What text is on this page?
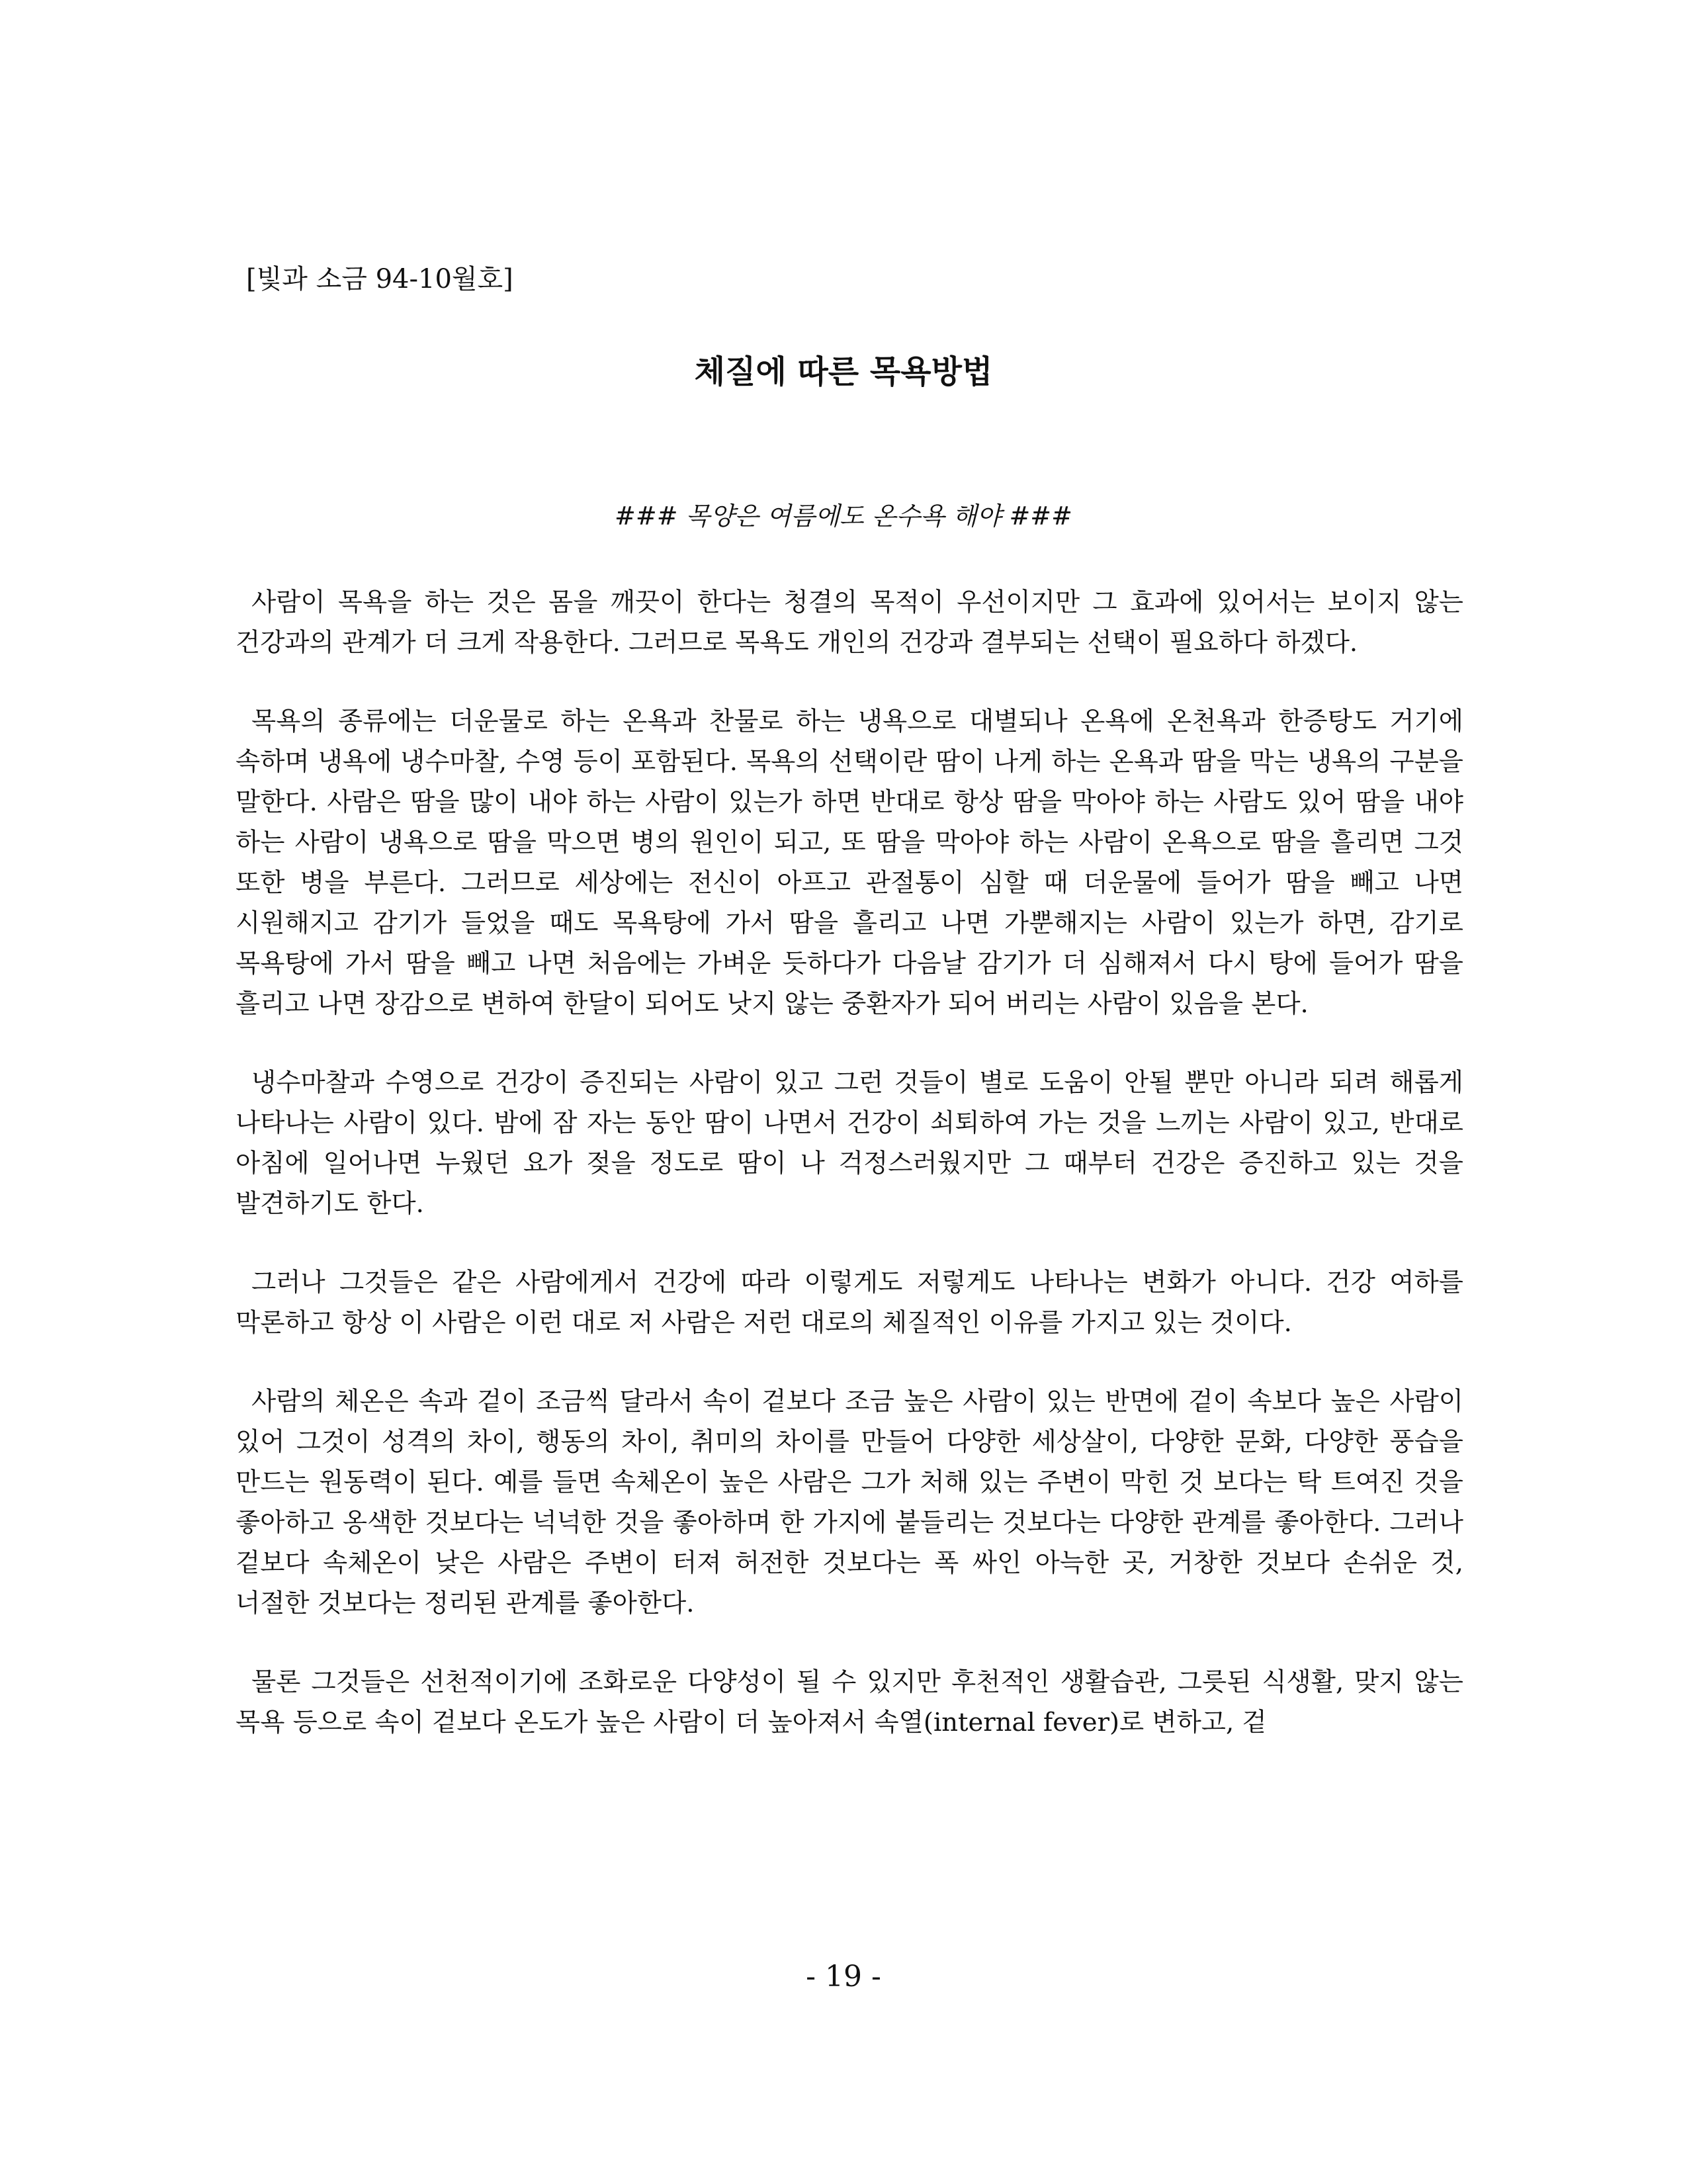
[빛과 소금 94-10월호]
체질에 따른 목욕방법
### 목양은 여름에도 온수욕 해야 ###

사람이 목욕을 하는 것은 몸을 깨끗이 한다는 청결의 목적이 우선이지만 그 효과에 있어서는 보이지 않는 건강과의 관계가 더 크게 작용한다. 그러므로 목욕도 개인의 건강과 결부되는 선택이 필요하다 하겠다.

목욕의 종류에는 더운물로 하는 온욕과 찬물로 하는 냉욕으로 대별되나 온욕에 온천욕과 한증탕도 거기에 속하며 냉욕에 냉수마찰, 수영 등이 포함된다. 목욕의 선택이란 땀이 나게 하는 온욕과 땀을 막는 냉욕의 구분을 말한다. 사람은 땀을 많이 내야 하는 사람이 있는가 하면 반대로 항상 땀을 막아야 하는 사람도 있어 땀을 내야 하는 사람이 냉욕으로 땀을 막으면 병의 원인이 되고, 또 땀을 막아야 하는 사람이 온욕으로 땀을 흘리면 그것 또한 병을 부른다. 그러므로 세상에는 전신이 아프고 관절통이 심할 때 더운물에 들어가 땀을 빼고 나면 시원해지고 감기가 들었을 때도 목욕탕에 가서 땀을 흘리고 나면 가뿐해지는 사람이 있는가 하면, 감기로 목욕탕에 가서 땀을 빼고 나면 처음에는 가벼운 듯하다가 다음날 감기가 더 심해져서 다시 탕에 들어가 땀을 흘리고 나면 장감으로 변하여 한달이 되어도 낫지 않는 중환자가 되어 버리는 사람이 있음을 본다.

냉수마찰과 수영으로 건강이 증진되는 사람이 있고 그런 것들이 별로 도움이 안될 뿐만 아니라 되려 해롭게 나타나는 사람이 있다. 밤에 잠 자는 동안 땀이 나면서 건강이 쇠퇴하여 가는 것을 느끼는 사람이 있고, 반대로 아침에 일어나면 누웠던 요가 젖을 정도로 땀이 나 걱정스러웠지만 그 때부터 건강은 증진하고 있는 것을 발견하기도 한다.

그러나 그것들은 같은 사람에게서 건강에 따라 이렇게도 저렇게도 나타나는 변화가 아니다. 건강 여하를 막론하고 항상 이 사람은 이런 대로 저 사람은 저런 대로의 체질적인 이유를 가지고 있는 것이다.

사람의 체온은 속과 겉이 조금씩 달라서 속이 겉보다 조금 높은 사람이 있는 반면에 겉이 속보다 높은 사람이 있어 그것이 성격의 차이, 행동의 차이, 취미의 차이를 만들어 다양한 세상살이, 다양한 문화, 다양한 풍습을 만드는 원동력이 된다. 예를 들면 속체온이 높은 사람은 그가 처해 있는 주변이 막힌 것 보다는 탁 트여진 것을 좋아하고 옹색한 것보다는 넉넉한 것을 좋아하며 한 가지에 붙들리는 것보다는 다양한 관계를 좋아한다. 그러나 겉보다 속체온이 낮은 사람은 주변이 터져 허전한 것보다는 폭 싸인 아늑한 곳, 거창한 것보다 손쉬운 것, 너절한 것보다는 정리된 관계를 좋아한다.

물론 그것들은 선천적이기에 조화로운 다양성이 될 수 있지만 후천적인 생활습관, 그릇된 식생활, 맞지 않는 목욕 등으로 속이 겉보다 온도가 높은 사람이 더 높아져서 속열(internal fever)로 변하고, 겉

- 19 -
